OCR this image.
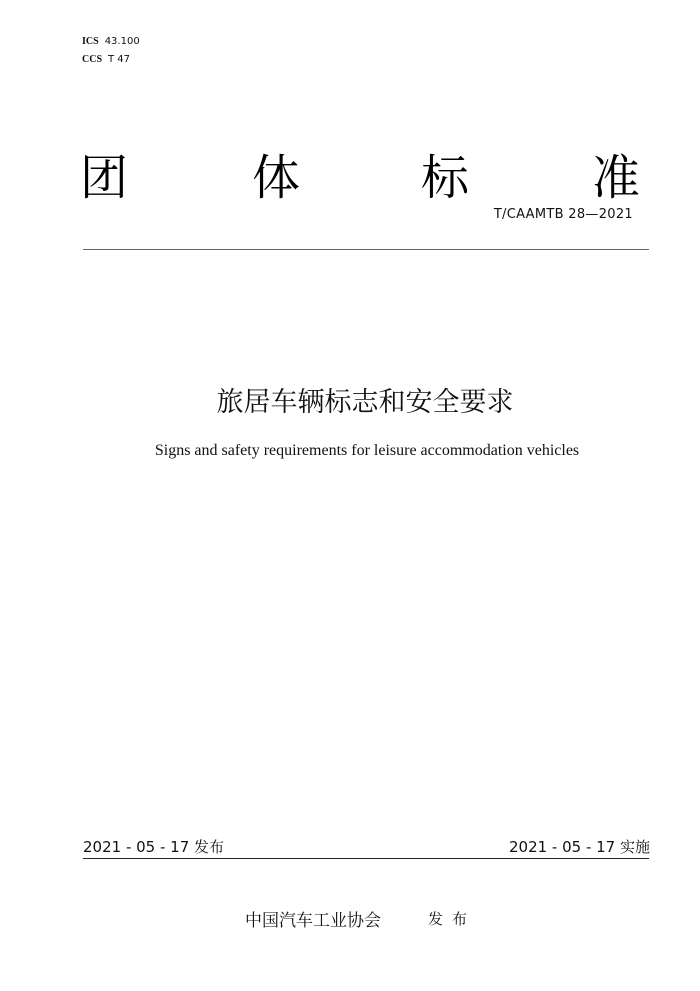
ICS 43.100
CCS T 47
团	体	标	准
T/CAAMTB 28—2021
旅居车辆标志和安全要求
Signs and safety requirements for leisure accommodation vehicles
2021 - 05 - 17 发布	2021 - 05 - 17 实施
中国汽车工业协会	发布
